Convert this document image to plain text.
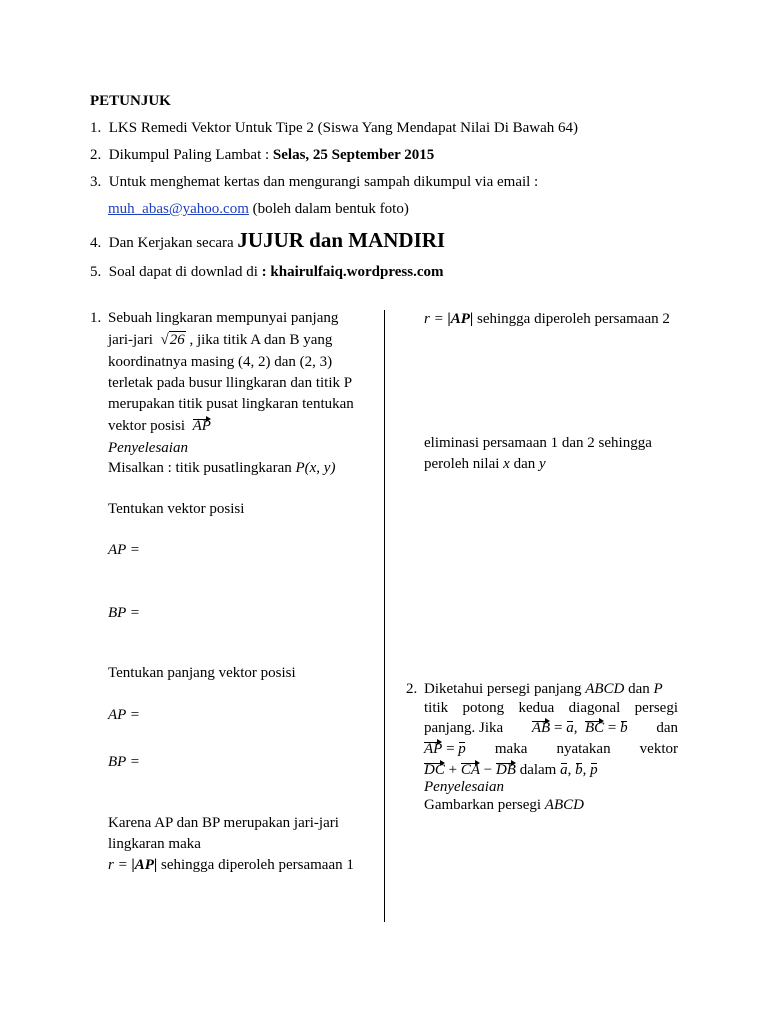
PETUNJUK
1. LKS Remedi Vektor Untuk Tipe 2 (Siswa Yang Mendapat Nilai Di Bawah 64)
2. Dikumpul Paling Lambat : Selas, 25 September 2015
3. Untuk menghemat kertas dan mengurangi sampah dikumpul via email :
muh_abas@yahoo.com (boleh dalam bentuk foto)
4. Dan Kerjakan secara JUJUR dan MANDIRI
5. Soal dapat di downlad di : khairulfaiq.wordpress.com
1. Sebuah lingkaran mempunyai panjang
jari-jari √26 , jika titik A dan B yang
koordinatnya masing (4, 2) dan (2, 3)
terletak pada busur llingkaran dan titik P
merupakan titik pusat lingkaran tentukan
vektor posisi AP
Penyelesaian
Misalkan : titik pusatlingkaran P(x, y)
Tentukan vektor posisi
AP =
BP =
Tentukan panjang vektor posisi
AP =
BP =
Karena AP dan BP merupakan jari-jari
lingkaran maka
r = |AP| sehingga diperoleh persamaan 1
r = |AP| sehingga diperoleh persamaan 2
eliminasi persamaan 1 dan 2 sehingga
peroleh nilai x dan y
2. Diketahui persegi panjang ABCD dan P
titik potong kedua diagonal persegi
panjang. Jika AB = a,  BC = b dan
AP = p maka nyatakan vektor
DC + CA − DB dalam a, b, p
Penyelesaian
Gambarkan persegi ABCD
